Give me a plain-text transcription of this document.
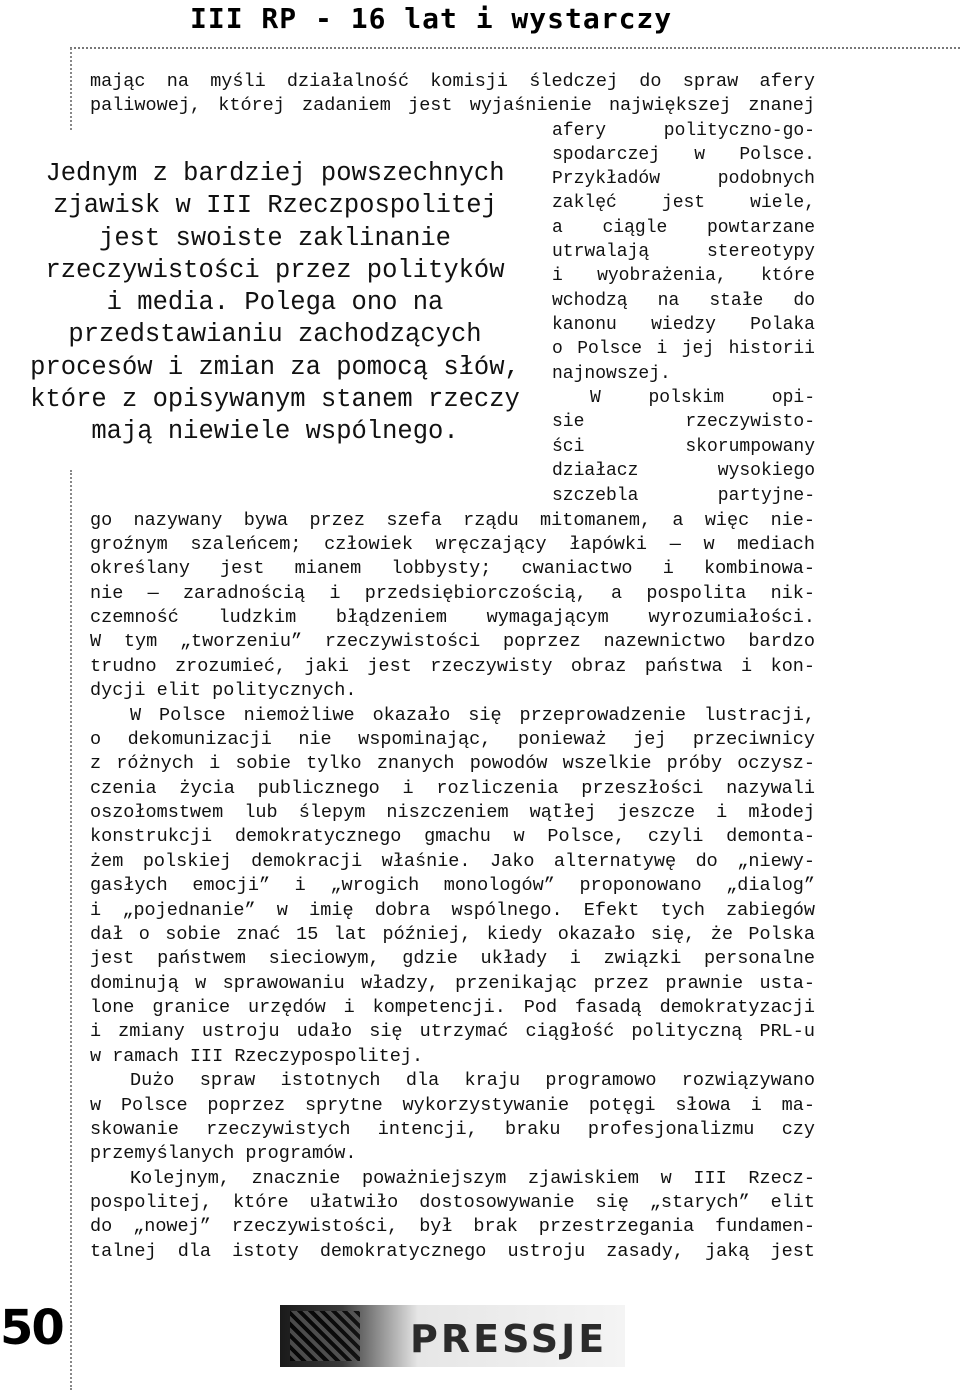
III RP - 16 lat i wystarczy
mając na myśli działalność komisji śledczej do spraw afery
paliwowej, której zadaniem jest wyjaśnienie największej znanej
Jednym z bardziej powszechnych
zjawisk w III Rzeczpospolitej
jest swoiste zaklinanie
rzeczywistości przez polityków
i media. Polega ono na
przedstawianiu zachodzących
procesów i zmian za pomocą słów,
które z opisywanym stanem rzeczy
mają niewiele wspólnego.
afery polityczno-go-
spodarczej w Polsce.
Przykładów podobnych
zaklęć jest wiele,
a ciągle powtarzane
utrwalają stereotypy
i wyobrażenia, które
wchodzą na stałe do
kanonu wiedzy Polaka
o Polsce i jej historii
najnowszej.
W polskim opi-
sie rzeczywisto-
ści skorumpowany
działacz wysokiego
szczebla partyjne-
go nazywany bywa przez szefa rządu mitomanem, a więc nie-
groźnym szaleńcem; człowiek wręczający łapówki — w mediach
określany jest mianem lobbysty; cwaniactwo i kombinowa-
nie — zaradnością i przedsiębiorczością, a pospolita nik-
czemność ludzkim błądzeniem wymagającym wyrozumiałości.
W tym „tworzeniu” rzeczywistości poprzez nazewnictwo bardzo
trudno zrozumieć, jaki jest rzeczywisty obraz państwa i kon-
dycji elit politycznych.
W Polsce niemożliwe okazało się przeprowadzenie lustracji,
o dekomunizacji nie wspominając, ponieważ jej przeciwnicy
z różnych i sobie tylko znanych powodów wszelkie próby oczysz-
czenia życia publicznego i rozliczenia przeszłości nazywali
oszołomstwem lub ślepym niszczeniem wątłej jeszcze i młodej
konstrukcji demokratycznego gmachu w Polsce, czyli demonta-
żem polskiej demokracji właśnie. Jako alternatywę do „niewy-
gasłych emocji” i „wrogich monologów” proponowano „dialog”
i „pojednanie” w imię dobra wspólnego. Efekt tych zabiegów
dał o sobie znać 15 lat później, kiedy okazało się, że Polska
jest państwem sieciowym, gdzie układy i związki personalne
dominują w sprawowaniu władzy, przenikając przez prawnie usta-
lone granice urzędów i kompetencji. Pod fasadą demokratyzacji
i zmiany ustroju udało się utrzymać ciągłość polityczną PRL-u
w ramach III Rzeczypospolitej.
Dużo spraw istotnych dla kraju programowo rozwiązywano
w Polsce poprzez sprytne wykorzystywanie potęgi słowa i ma-
skowanie rzeczywistych intencji, braku profesjonalizmu czy
przemyślanych programów.
Kolejnym, znacznie poważniejszym zjawiskiem w III Rzecz-
pospolitej, które ułatwiło dostosowywanie się „starych” elit
do „nowej” rzeczywistości, był brak przestrzegania fundamen-
talnej dla istoty demokratycznego ustroju zasady, jaką jest
50	PRESSJE
